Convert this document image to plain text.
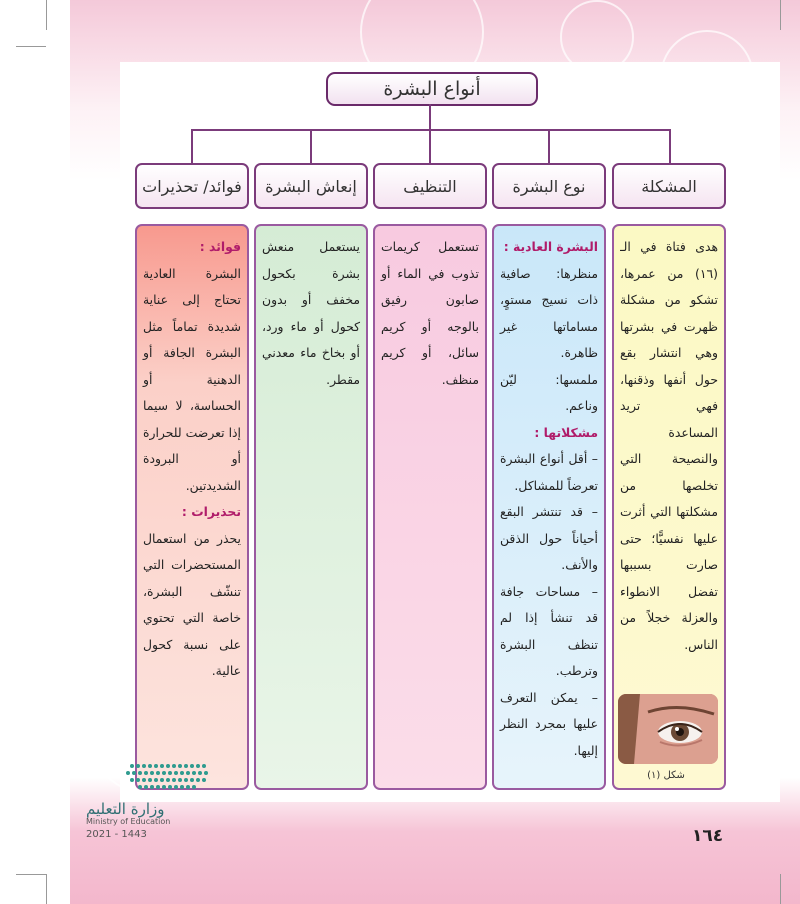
أنواع البشرة
المشكلة
نوع البشرة
التنظيف
إنعاش البشرة
فوائد/ تحذيرات

هدى فتاة في الـ (١٦) من عمرها، تشكو من مشكلة ظهرت في بشرتها وهي انتشار بقع حول أنفها وذقنها، فهي تريد المساعدة والنصيحة التي تخلصها من مشكلتها التي أثرت عليها نفسيًّا؛ حتى صارت بسببها تفضل الانطواء والعزلة خجلاً من الناس.

البشرة العادية :

منظرها: صافية ذات نسيج مستوٍ، مساماتها غير ظاهرة.

ملمسها: ليّن وناعم.

مشكلاتها :

– أقل أنواع البشرة تعرضاً للمشاكل.

– قد تنتشر البقع أحياناً حول الذقن والأنف.

– مساحات جافة قد تنشأ إذا لم تنظف البشرة وترطب.

– يمكن التعرف عليها بمجرد النظر إليها.

تستعمل كريمات تذوب في الماء أو صابون رفيق بالوجه أو كريم سائل، أو كريم منظف.

يستعمل منعش بشرة بكحول مخفف أو بدون كحول أو ماء ورد، أو بخاخ ماء معدني مقطر.

فوائد :

البشرة العادية تحتاج إلى عناية شديدة تماماً مثل البشرة الجافة أو الدهنية أو الحساسة، لا سيما إذا تعرضت للحرارة أو البرودة الشديدتين.

تحذيرات :

يحذر من استعمال المستحضرات التي تنشّف البشرة، خاصة التي تحتوي على نسبة كحول عالية.

شكل (١)
وزارة التعليم
Ministry of Education
2021 - 1443	١٦٤
